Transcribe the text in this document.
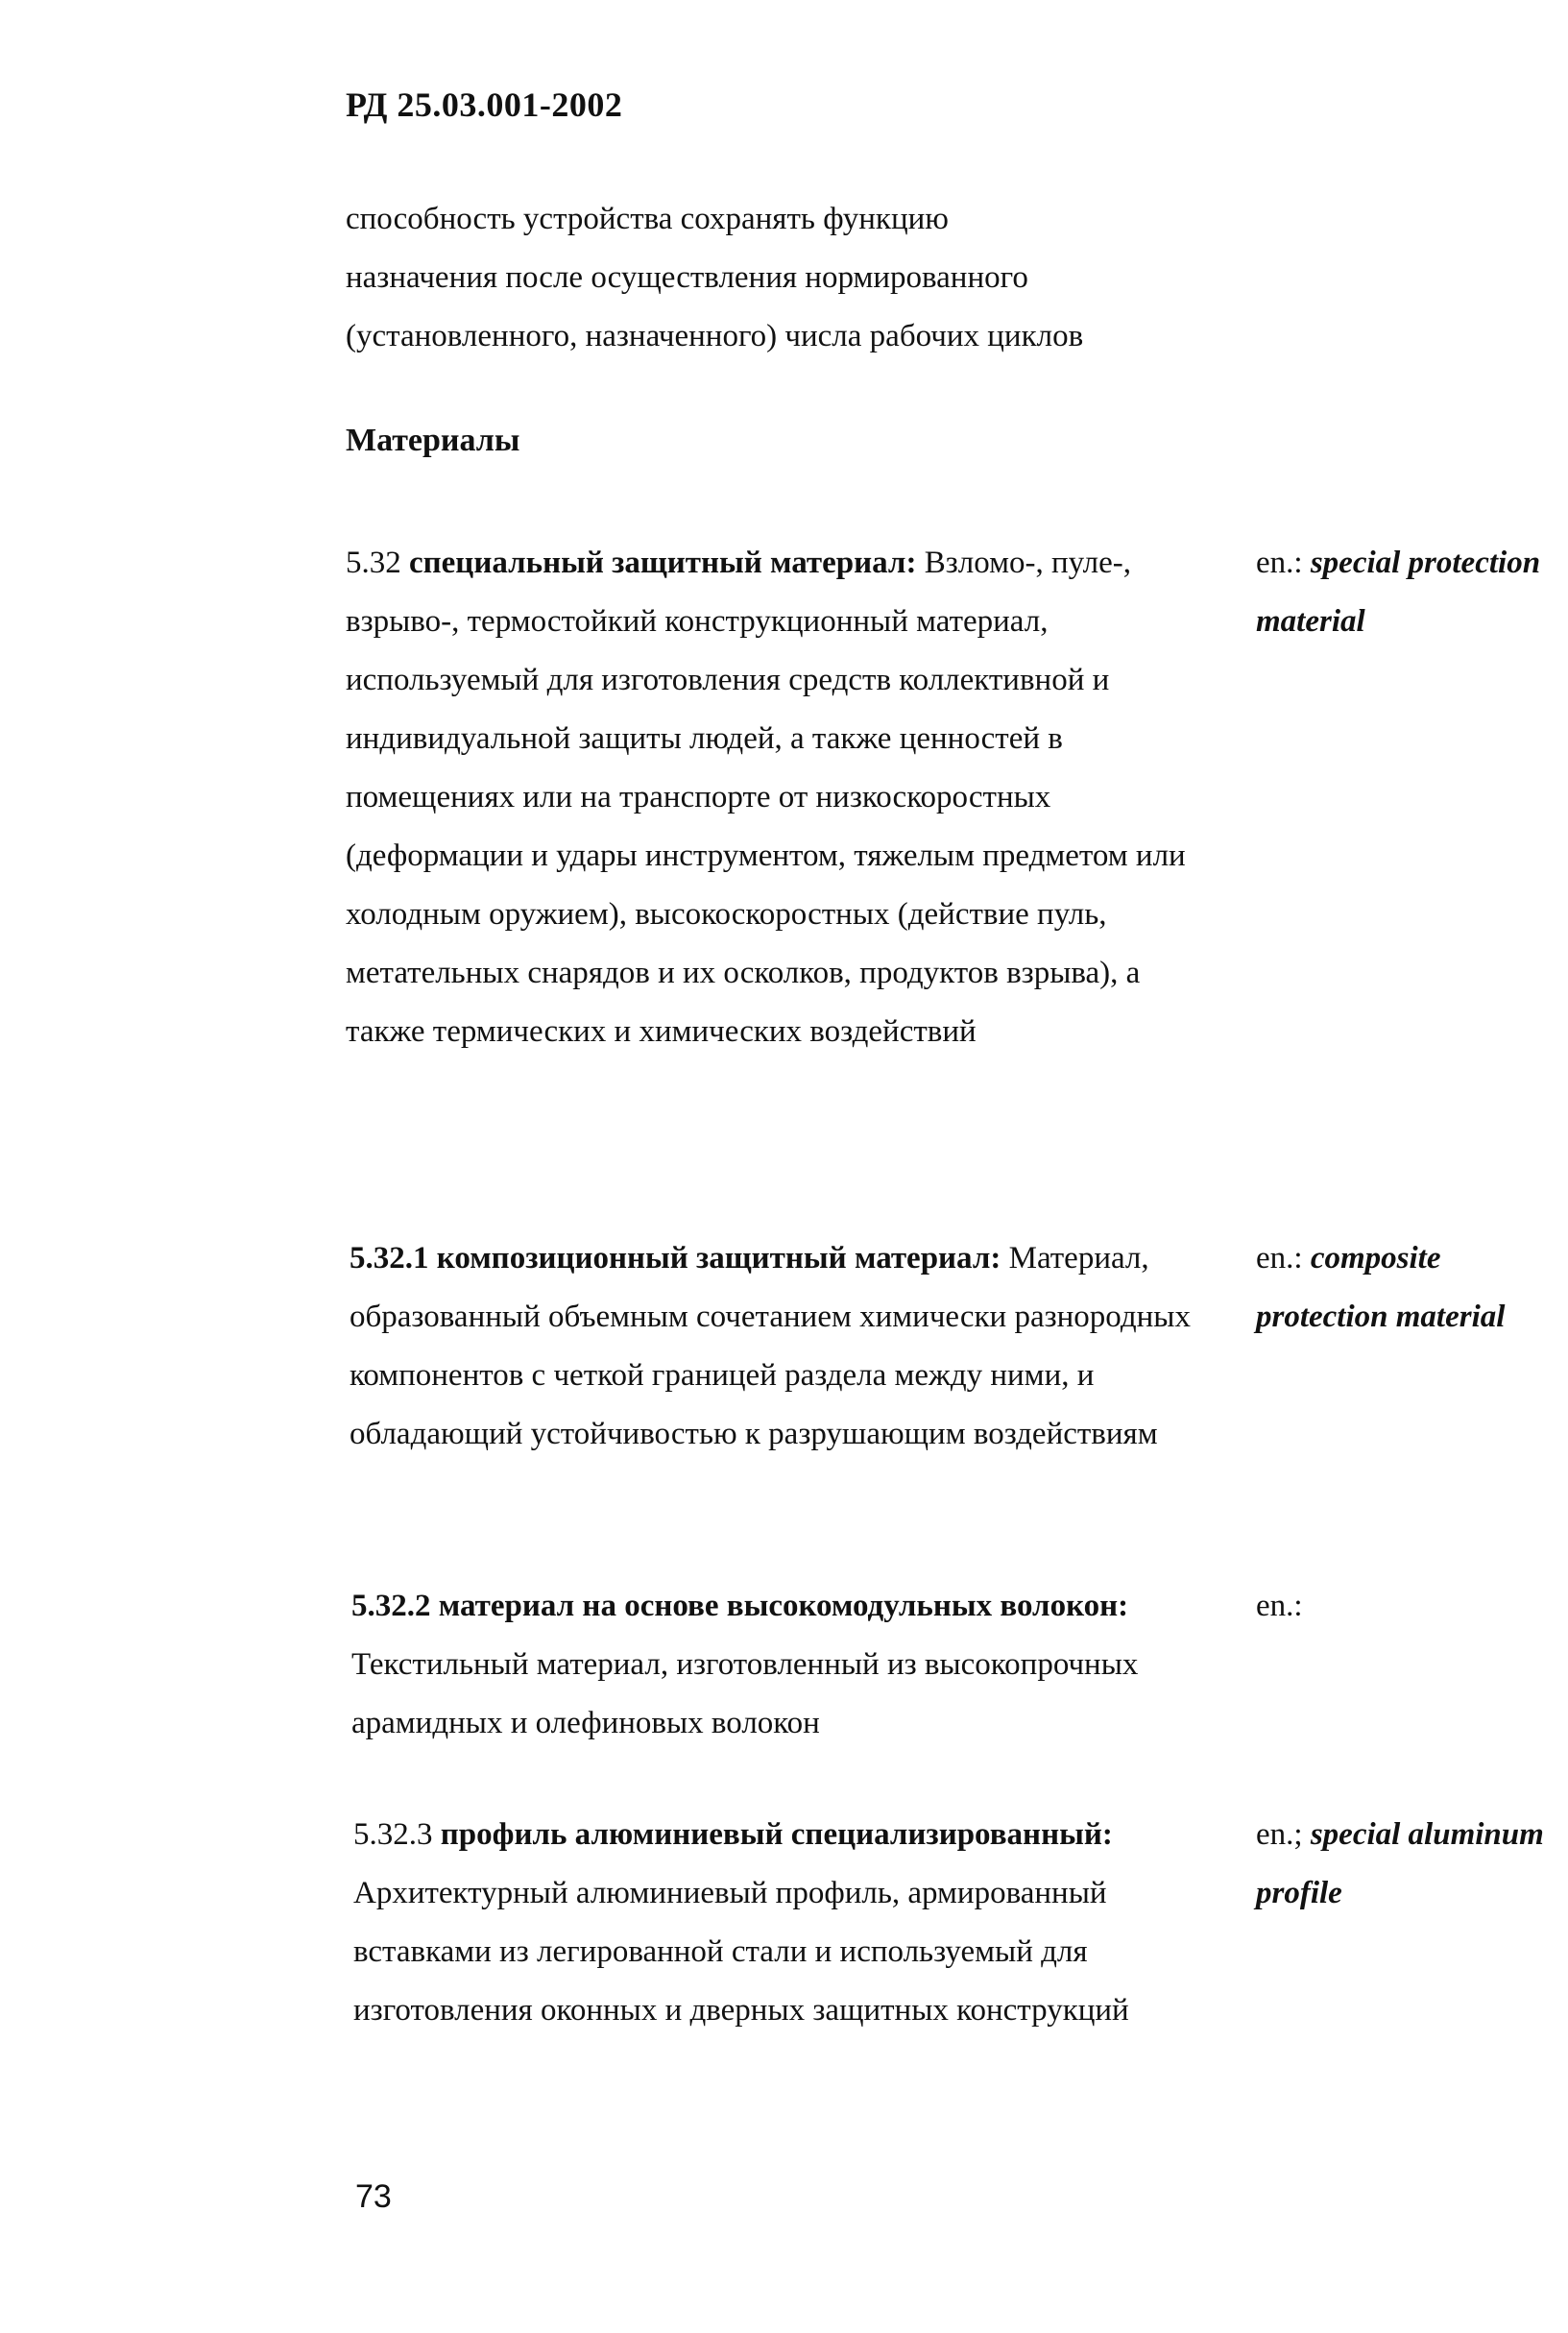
РД 25.03.001-2002
способность устройства сохранять функцию
назначения после осуществления нормированного
(установленного, назначенного) числа рабочих циклов
Материалы
5.32 специальный защитный материал: Взломо-, пуле-, взрыво-, термостойкий конструкционный материал, используемый для изготовления средств коллективной и индивидуальной защиты людей, а также ценностей в помещениях или на транспорте от низкоскоростных (деформации и удары инструментом, тяжелым предметом или холодным оружием), высокоскоростных (действие пуль, метательных снарядов и их осколков, продуктов взрыва), а также термических и химических воздействий
en.: special protection material
5.32.1 композиционный защитный материал: Материал, образованный объемным сочетанием химически разнородных компонентов с четкой границей раздела между ними, и обладающий устойчивостью к разрушающим воздействиям
en.: composite protection material
5.32.2 материал на основе высокомодульных волокон: Текстильный материал, изготовленный из высокопрочных арамидных и олефиновых волокон
en.:
5.32.3 профиль алюминиевый специализированный: Архитектурный алюминиевый профиль, армированный вставками из легированной стали и используемый для изготовления оконных и дверных защитных конструкций
en.; special aluminum profile
73
